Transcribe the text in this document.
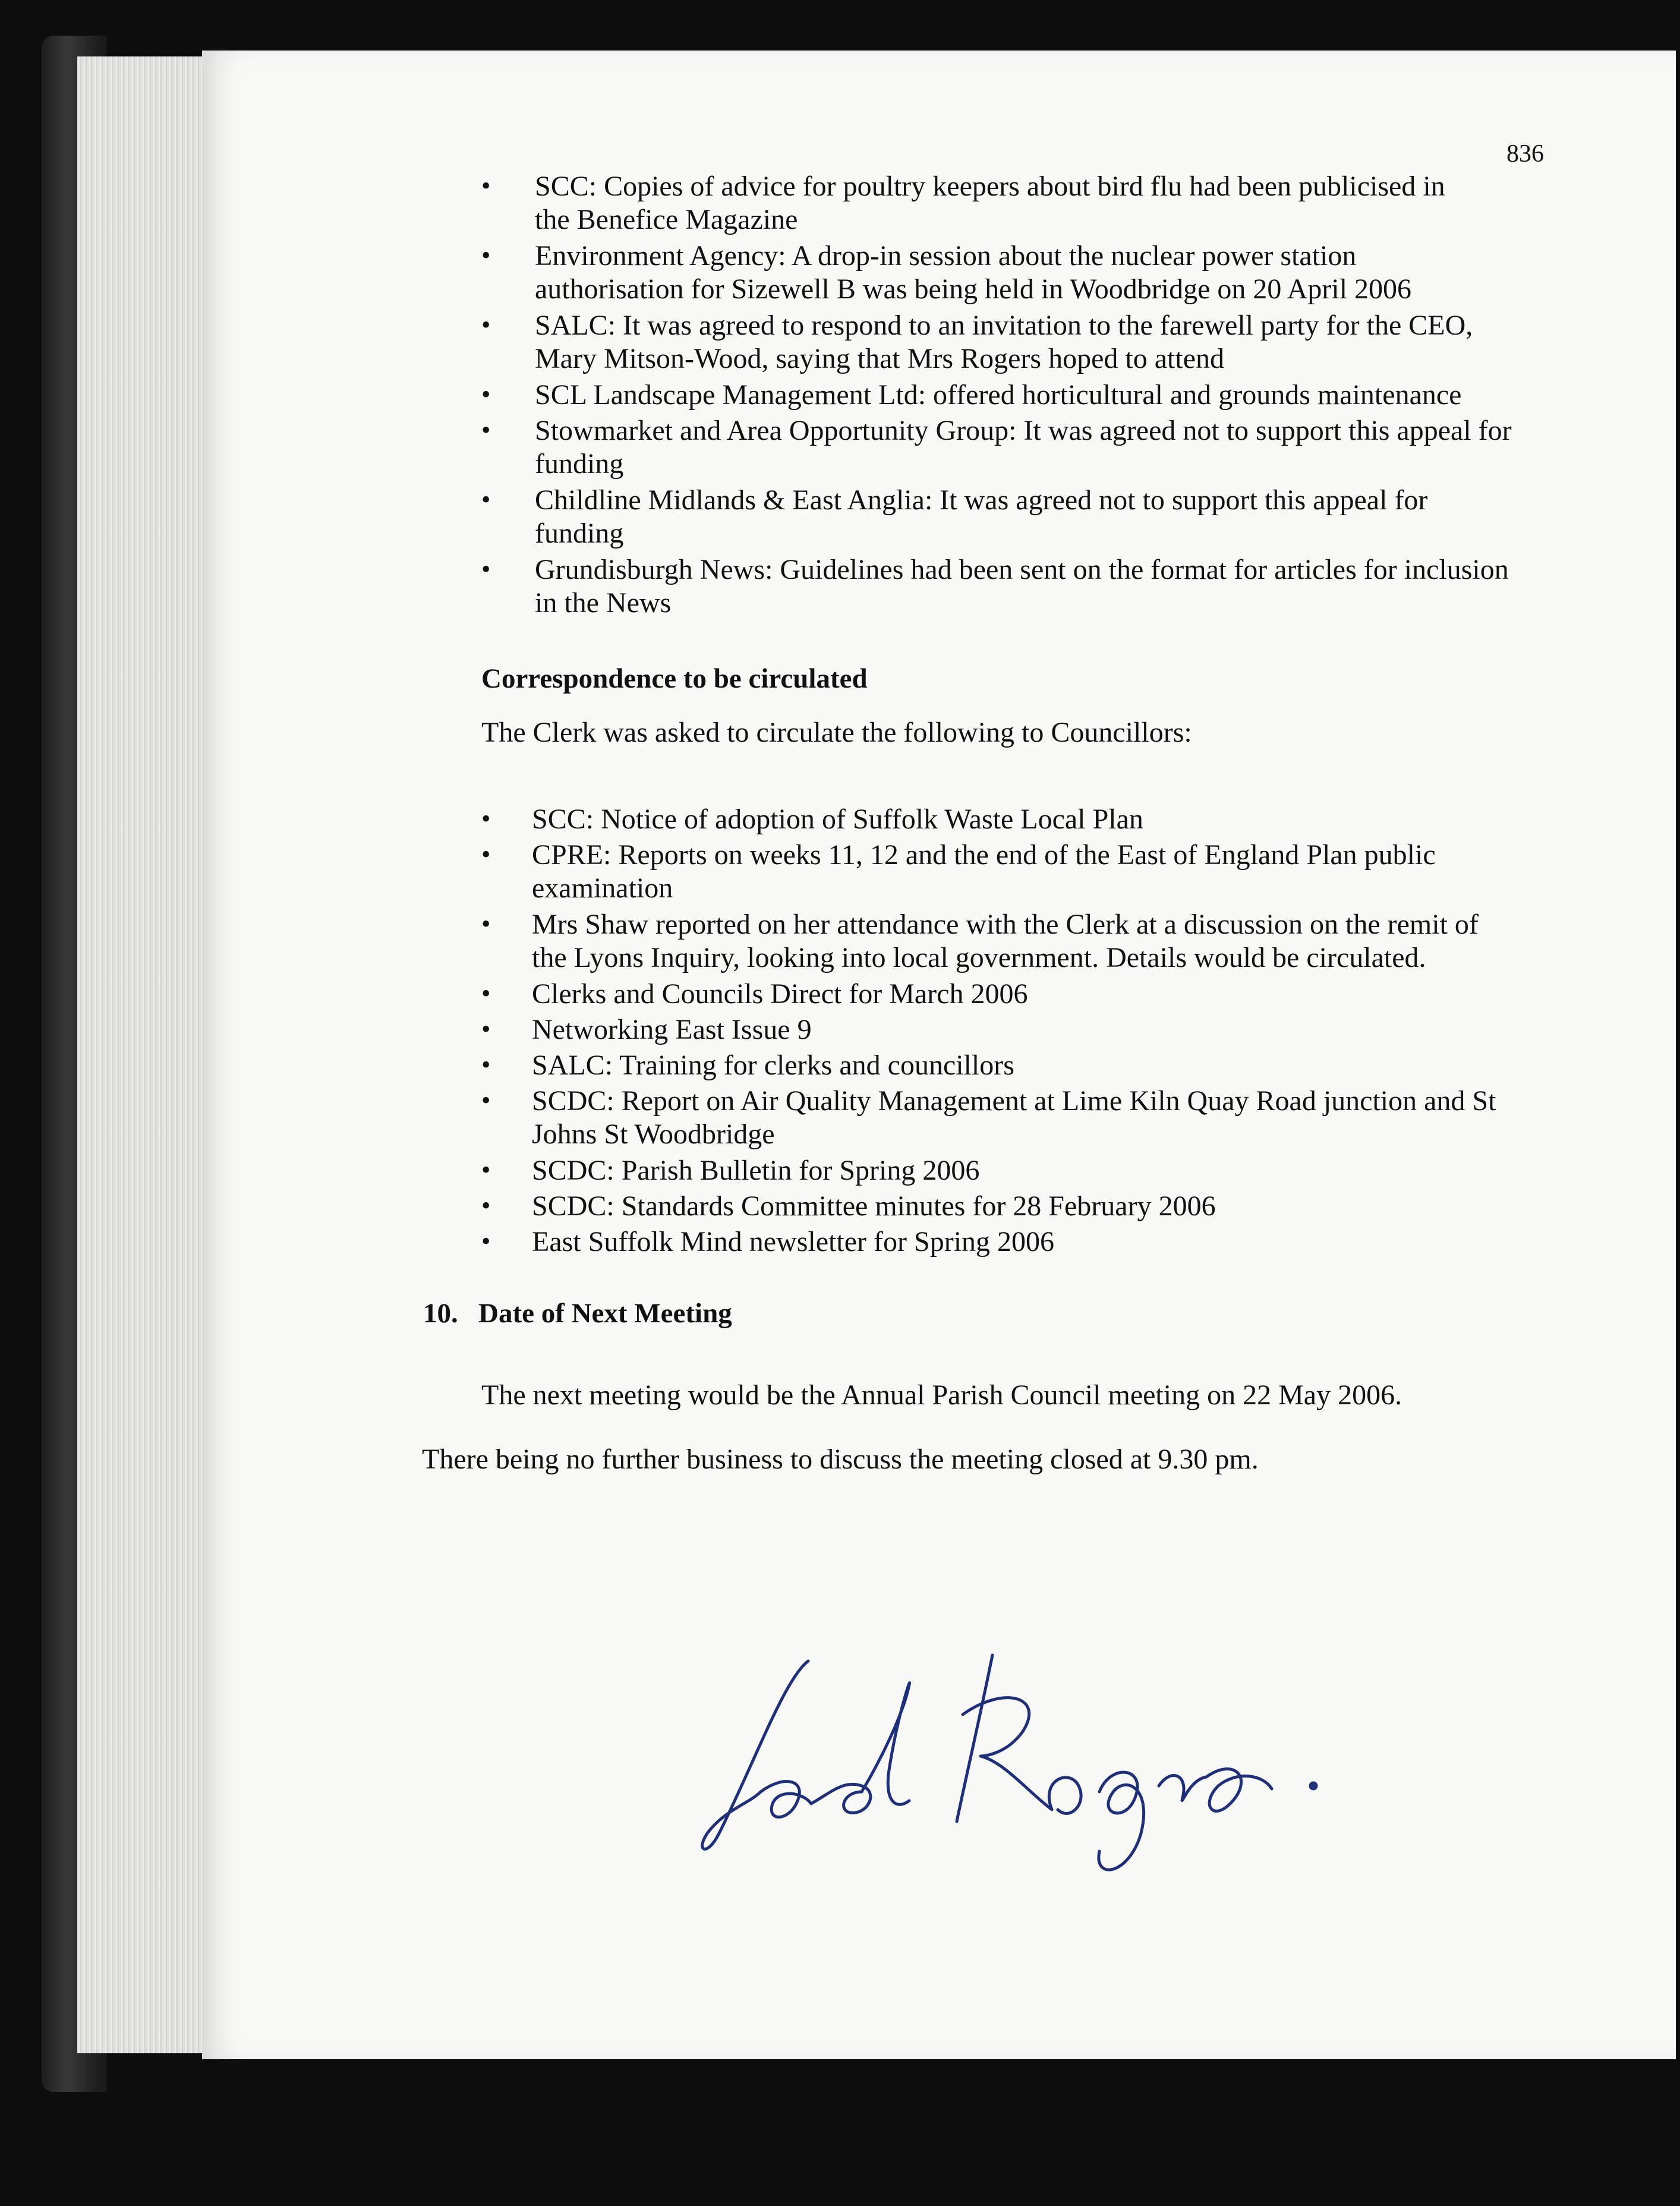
836
• SCC: Copies of advice for poultry keepers about bird flu had been publicised in
the Benefice Magazine
• Environment Agency: A drop-in session about the nuclear power station
authorisation for Sizewell B was being held in Woodbridge on 20 April 2006
• SALC: It was agreed to respond to an invitation to the farewell party for the CEO,
Mary Mitson-Wood, saying that Mrs Rogers hoped to attend
• SCL Landscape Management Ltd: offered horticultural and grounds maintenance
• Stowmarket and Area Opportunity Group: It was agreed not to support this appeal for
funding
• Childline Midlands & East Anglia: It was agreed not to support this appeal for
funding
• Grundisburgh News: Guidelines had been sent on the format for articles for inclusion
in the News
Correspondence to be circulated
The Clerk was asked to circulate the following to Councillors:
• SCC: Notice of adoption of Suffolk Waste Local Plan
• CPRE: Reports on weeks 11, 12 and the end of the East of England Plan public
examination
• Mrs Shaw reported on her attendance with the Clerk at a discussion on the remit of
the Lyons Inquiry, looking into local government. Details would be circulated.
• Clerks and Councils Direct for March 2006
• Networking East Issue 9
• SALC: Training for clerks and councillors
• SCDC: Report on Air Quality Management at Lime Kiln Quay Road junction and St
Johns St Woodbridge
• SCDC: Parish Bulletin for Spring 2006
• SCDC: Standards Committee minutes for 28 February 2006
• East Suffolk Mind newsletter for Spring 2006
10. Date of Next Meeting
The next meeting would be the Annual Parish Council meeting on 22 May 2006.
There being no further business to discuss the meeting closed at 9.30 pm.
